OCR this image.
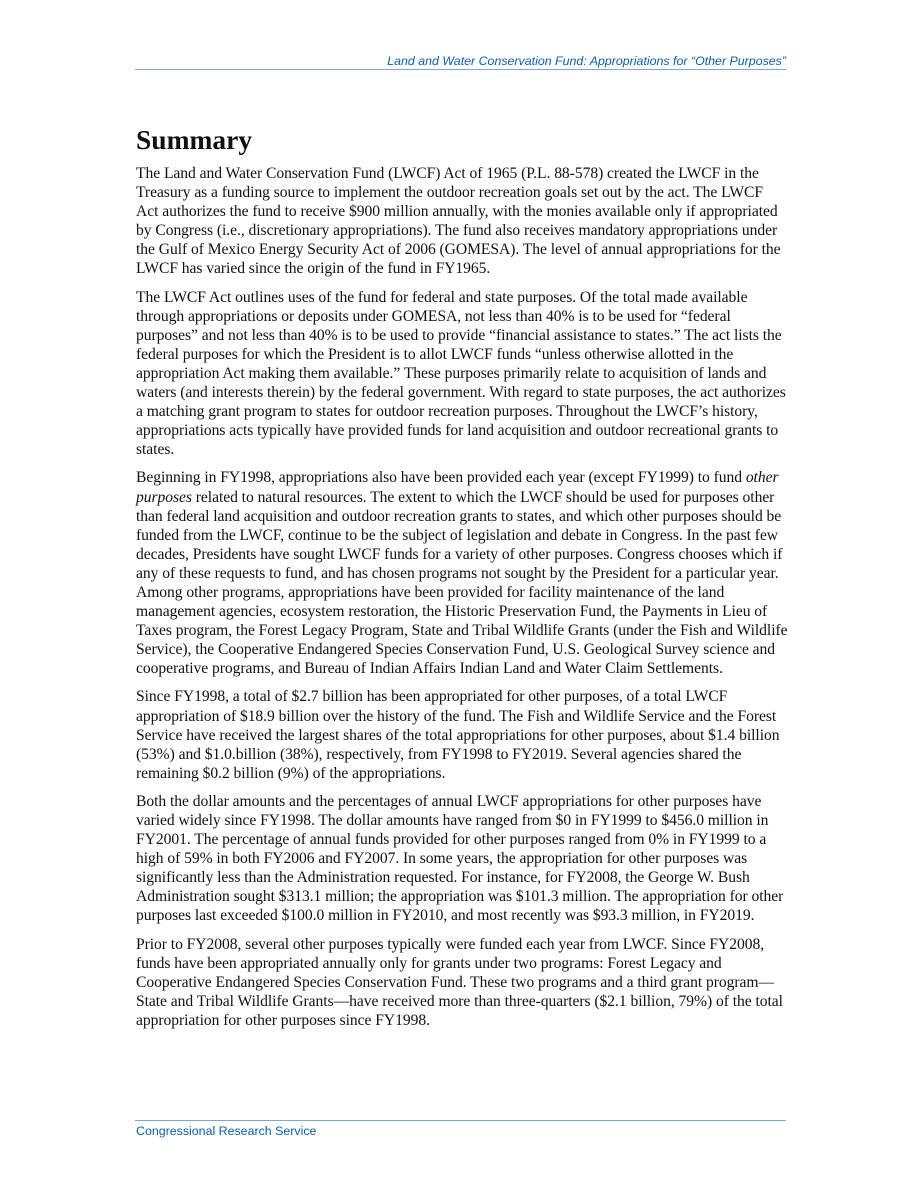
Land and Water Conservation Fund: Appropriations for “Other Purposes”
Summary

The Land and Water Conservation Fund (LWCF) Act of 1965 (P.L. 88-578) created the LWCF in the Treasury as a funding source to implement the outdoor recreation goals set out by the act. The LWCF Act authorizes the fund to receive $900 million annually, with the monies available only if appropriated by Congress (i.e., discretionary appropriations). The fund also receives mandatory appropriations under the Gulf of Mexico Energy Security Act of 2006 (GOMESA). The level of annual appropriations for the LWCF has varied since the origin of the fund in FY1965.

The LWCF Act outlines uses of the fund for federal and state purposes. Of the total made available through appropriations or deposits under GOMESA, not less than 40% is to be used for “federal purposes” and not less than 40% is to be used to provide “financial assistance to states.” The act lists the federal purposes for which the President is to allot LWCF funds “unless otherwise allotted in the appropriation Act making them available.” These purposes primarily relate to acquisition of lands and waters (and interests therein) by the federal government. With regard to state purposes, the act authorizes a matching grant program to states for outdoor recreation purposes. Throughout the LWCF’s history, appropriations acts typically have provided funds for land acquisition and outdoor recreational grants to states.

Beginning in FY1998, appropriations also have been provided each year (except FY1999) to fund other purposes related to natural resources. The extent to which the LWCF should be used for purposes other than federal land acquisition and outdoor recreation grants to states, and which other purposes should be funded from the LWCF, continue to be the subject of legislation and debate in Congress. In the past few decades, Presidents have sought LWCF funds for a variety of other purposes. Congress chooses which if any of these requests to fund, and has chosen programs not sought by the President for a particular year. Among other programs, appropriations have been provided for facility maintenance of the land management agencies, ecosystem restoration, the Historic Preservation Fund, the Payments in Lieu of Taxes program, the Forest Legacy Program, State and Tribal Wildlife Grants (under the Fish and Wildlife Service), the Cooperative Endangered Species Conservation Fund, U.S. Geological Survey science and cooperative programs, and Bureau of Indian Affairs Indian Land and Water Claim Settlements.

Since FY1998, a total of $2.7 billion has been appropriated for other purposes, of a total LWCF appropriation of $18.9 billion over the history of the fund. The Fish and Wildlife Service and the Forest Service have received the largest shares of the total appropriations for other purposes, about $1.4 billion (53%) and $1.0.billion (38%), respectively, from FY1998 to FY2019. Several agencies shared the remaining $0.2 billion (9%) of the appropriations.

Both the dollar amounts and the percentages of annual LWCF appropriations for other purposes have varied widely since FY1998. The dollar amounts have ranged from $0 in FY1999 to $456.0 million in FY2001. The percentage of annual funds provided for other purposes ranged from 0% in FY1999 to a high of 59% in both FY2006 and FY2007. In some years, the appropriation for other purposes was significantly less than the Administration requested. For instance, for FY2008, the George W. Bush Administration sought $313.1 million; the appropriation was $101.3 million. The appropriation for other purposes last exceeded $100.0 million in FY2010, and most recently was $93.3 million, in FY2019.

Prior to FY2008, several other purposes typically were funded each year from LWCF. Since FY2008, funds have been appropriated annually only for grants under two programs: Forest Legacy and Cooperative Endangered Species Conservation Fund. These two programs and a third grant program—State and Tribal Wildlife Grants—have received more than three-quarters ($2.1 billion, 79%) of the total appropriation for other purposes since FY1998.

Congressional Research Service
